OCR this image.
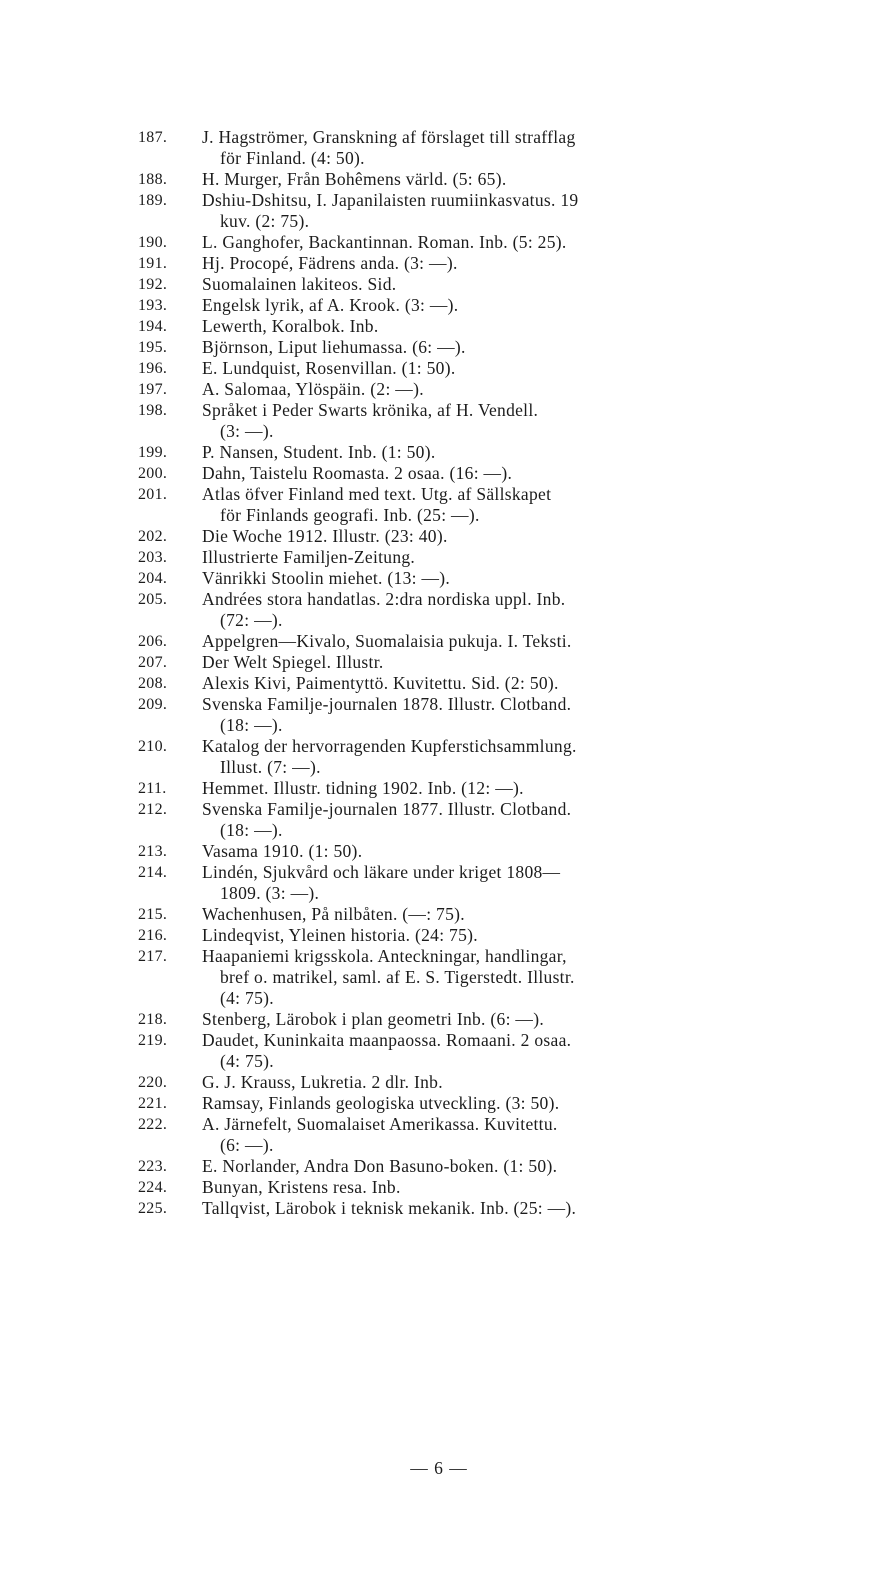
187.	J. Hagströmer, Granskning af förslaget till strafflag
för Finland. (4: 50).
188.	H. Murger, Från Bohêmens värld. (5: 65).
189.	Dshiu-Dshitsu, I. Japanilaisten ruumiinkasvatus. 19
kuv. (2: 75).
190.	L. Ganghofer, Backantinnan. Roman. Inb. (5: 25).
191.	Hj. Procopé, Fädrens anda. (3: —).
192.	Suomalainen lakiteos. Sid.
193.	Engelsk lyrik, af A. Krook. (3: —).
194.	Lewerth, Koralbok. Inb.
195.	Björnson, Liput liehumassa. (6: —).
196.	E. Lundquist, Rosenvillan. (1: 50).
197.	A. Salomaa, Ylöspäin. (2: —).
198.	Språket i Peder Swarts krönika, af H. Vendell.
(3: —).
199.	P. Nansen, Student. Inb. (1: 50).
200.	Dahn, Taistelu Roomasta. 2 osaa. (16: —).
201.	Atlas öfver Finland med text. Utg. af Sällskapet
för Finlands geografi. Inb. (25: —).
202.	Die Woche 1912. Illustr. (23: 40).
203.	Illustrierte Familjen-Zeitung.
204.	Vänrikki Stoolin miehet. (13: —).
205.	Andrées stora handatlas. 2:dra nordiska uppl. Inb.
(72: —).
206.	Appelgren—Kivalo, Suomalaisia pukuja. I. Teksti.
207.	Der Welt Spiegel. Illustr.
208.	Alexis Kivi, Paimentyttö. Kuvitettu. Sid. (2: 50).
209.	Svenska Familje-journalen 1878. Illustr. Clotband.
(18: —).
210.	Katalog der hervorragenden Kupferstichsammlung.
Illust. (7: —).
211.	Hemmet. Illustr. tidning 1902. Inb. (12: —).
212.	Svenska Familje-journalen 1877. Illustr. Clotband.
(18: —).
213.	Vasama 1910. (1: 50).
214.	Lindén, Sjukvård och läkare under kriget 1808—
1809. (3: —).
215.	Wachenhusen, På nilbåten. (—: 75).
216.	Lindeqvist, Yleinen historia. (24: 75).
217.	Haapaniemi krigsskola. Anteckningar, handlingar,
bref o. matrikel, saml. af E. S. Tigerstedt. Illustr.
(4: 75).
218.	Stenberg, Lärobok i plan geometri Inb. (6: —).
219.	Daudet, Kuninkaita maanpaossa. Romaani. 2 osaa.
(4: 75).
220.	G. J. Krauss, Lukretia. 2 dlr. Inb.
221.	Ramsay, Finlands geologiska utveckling. (3: 50).
222.	A. Järnefelt, Suomalaiset Amerikassa. Kuvitettu.
(6: —).
223.	E. Norlander, Andra Don Basuno-boken. (1: 50).
224.	Bunyan, Kristens resa. Inb.
225.	Tallqvist, Lärobok i teknisk mekanik. Inb. (25: —).
— 6 —
